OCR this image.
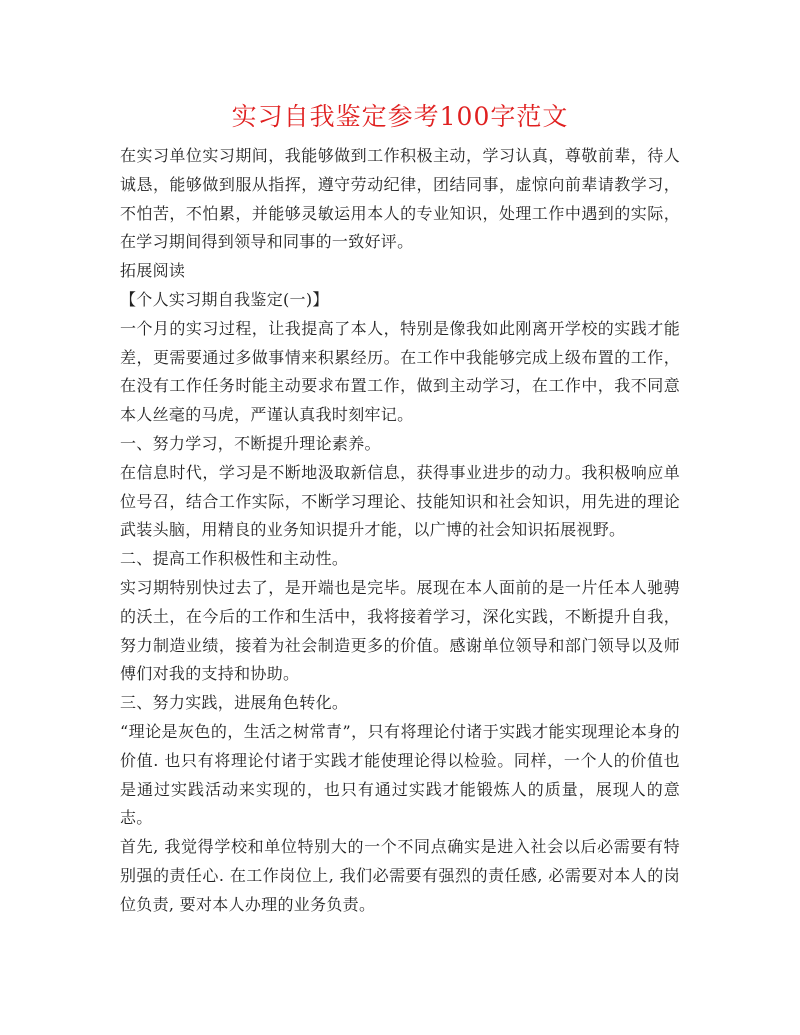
实习自我鉴定参考100字范文

在实习单位实习期间，我能够做到工作积极主动，学习认真，尊敬前辈，待人诚恳，能够做到服从指挥，遵守劳动纪律，团结同事，虚惊向前辈请教学习，不怕苦，不怕累，并能够灵敏运用本人的专业知识，处理工作中遇到的实际，在学习期间得到领导和同事的一致好评。

拓展阅读

【个人实习期自我鉴定(一)】

一个月的实习过程，让我提高了本人，特别是像我如此刚离开学校的实践才能差，更需要通过多做事情来积累经历。在工作中我能够完成上级布置的工作，在没有工作任务时能主动要求布置工作，做到主动学习，在工作中，我不同意本人丝毫的马虎，严谨认真我时刻牢记。

一、努力学习，不断提升理论素养。

在信息时代，学习是不断地汲取新信息，获得事业进步的动力。我积极响应单位号召，结合工作实际，不断学习理论、技能知识和社会知识，用先进的理论武装头脑，用精良的业务知识提升才能，以广博的社会知识拓展视野。

二、提高工作积极性和主动性。

实习期特别快过去了，是开端也是完毕。展现在本人面前的是一片任本人驰骋的沃土，在今后的工作和生活中，我将接着学习，深化实践，不断提升自我，努力制造业绩，接着为社会制造更多的价值。感谢单位领导和部门领导以及师傅们对我的支持和协助。

三、努力实践，进展角色转化。

“理论是灰色的，生活之树常青”，只有将理论付诸于实践才能实现理论本身的价值. 也只有将理论付诸于实践才能使理论得以检验。同样，一个人的价值也是通过实践活动来实现的，也只有通过实践才能锻炼人的质量，展现人的意志。

首先, 我觉得学校和单位特别大的一个不同点确实是进入社会以后必需要有特别强的责任心. 在工作岗位上, 我们必需要有强烈的责任感, 必需要对本人的岗位负责, 要对本人办理的业务负责。
